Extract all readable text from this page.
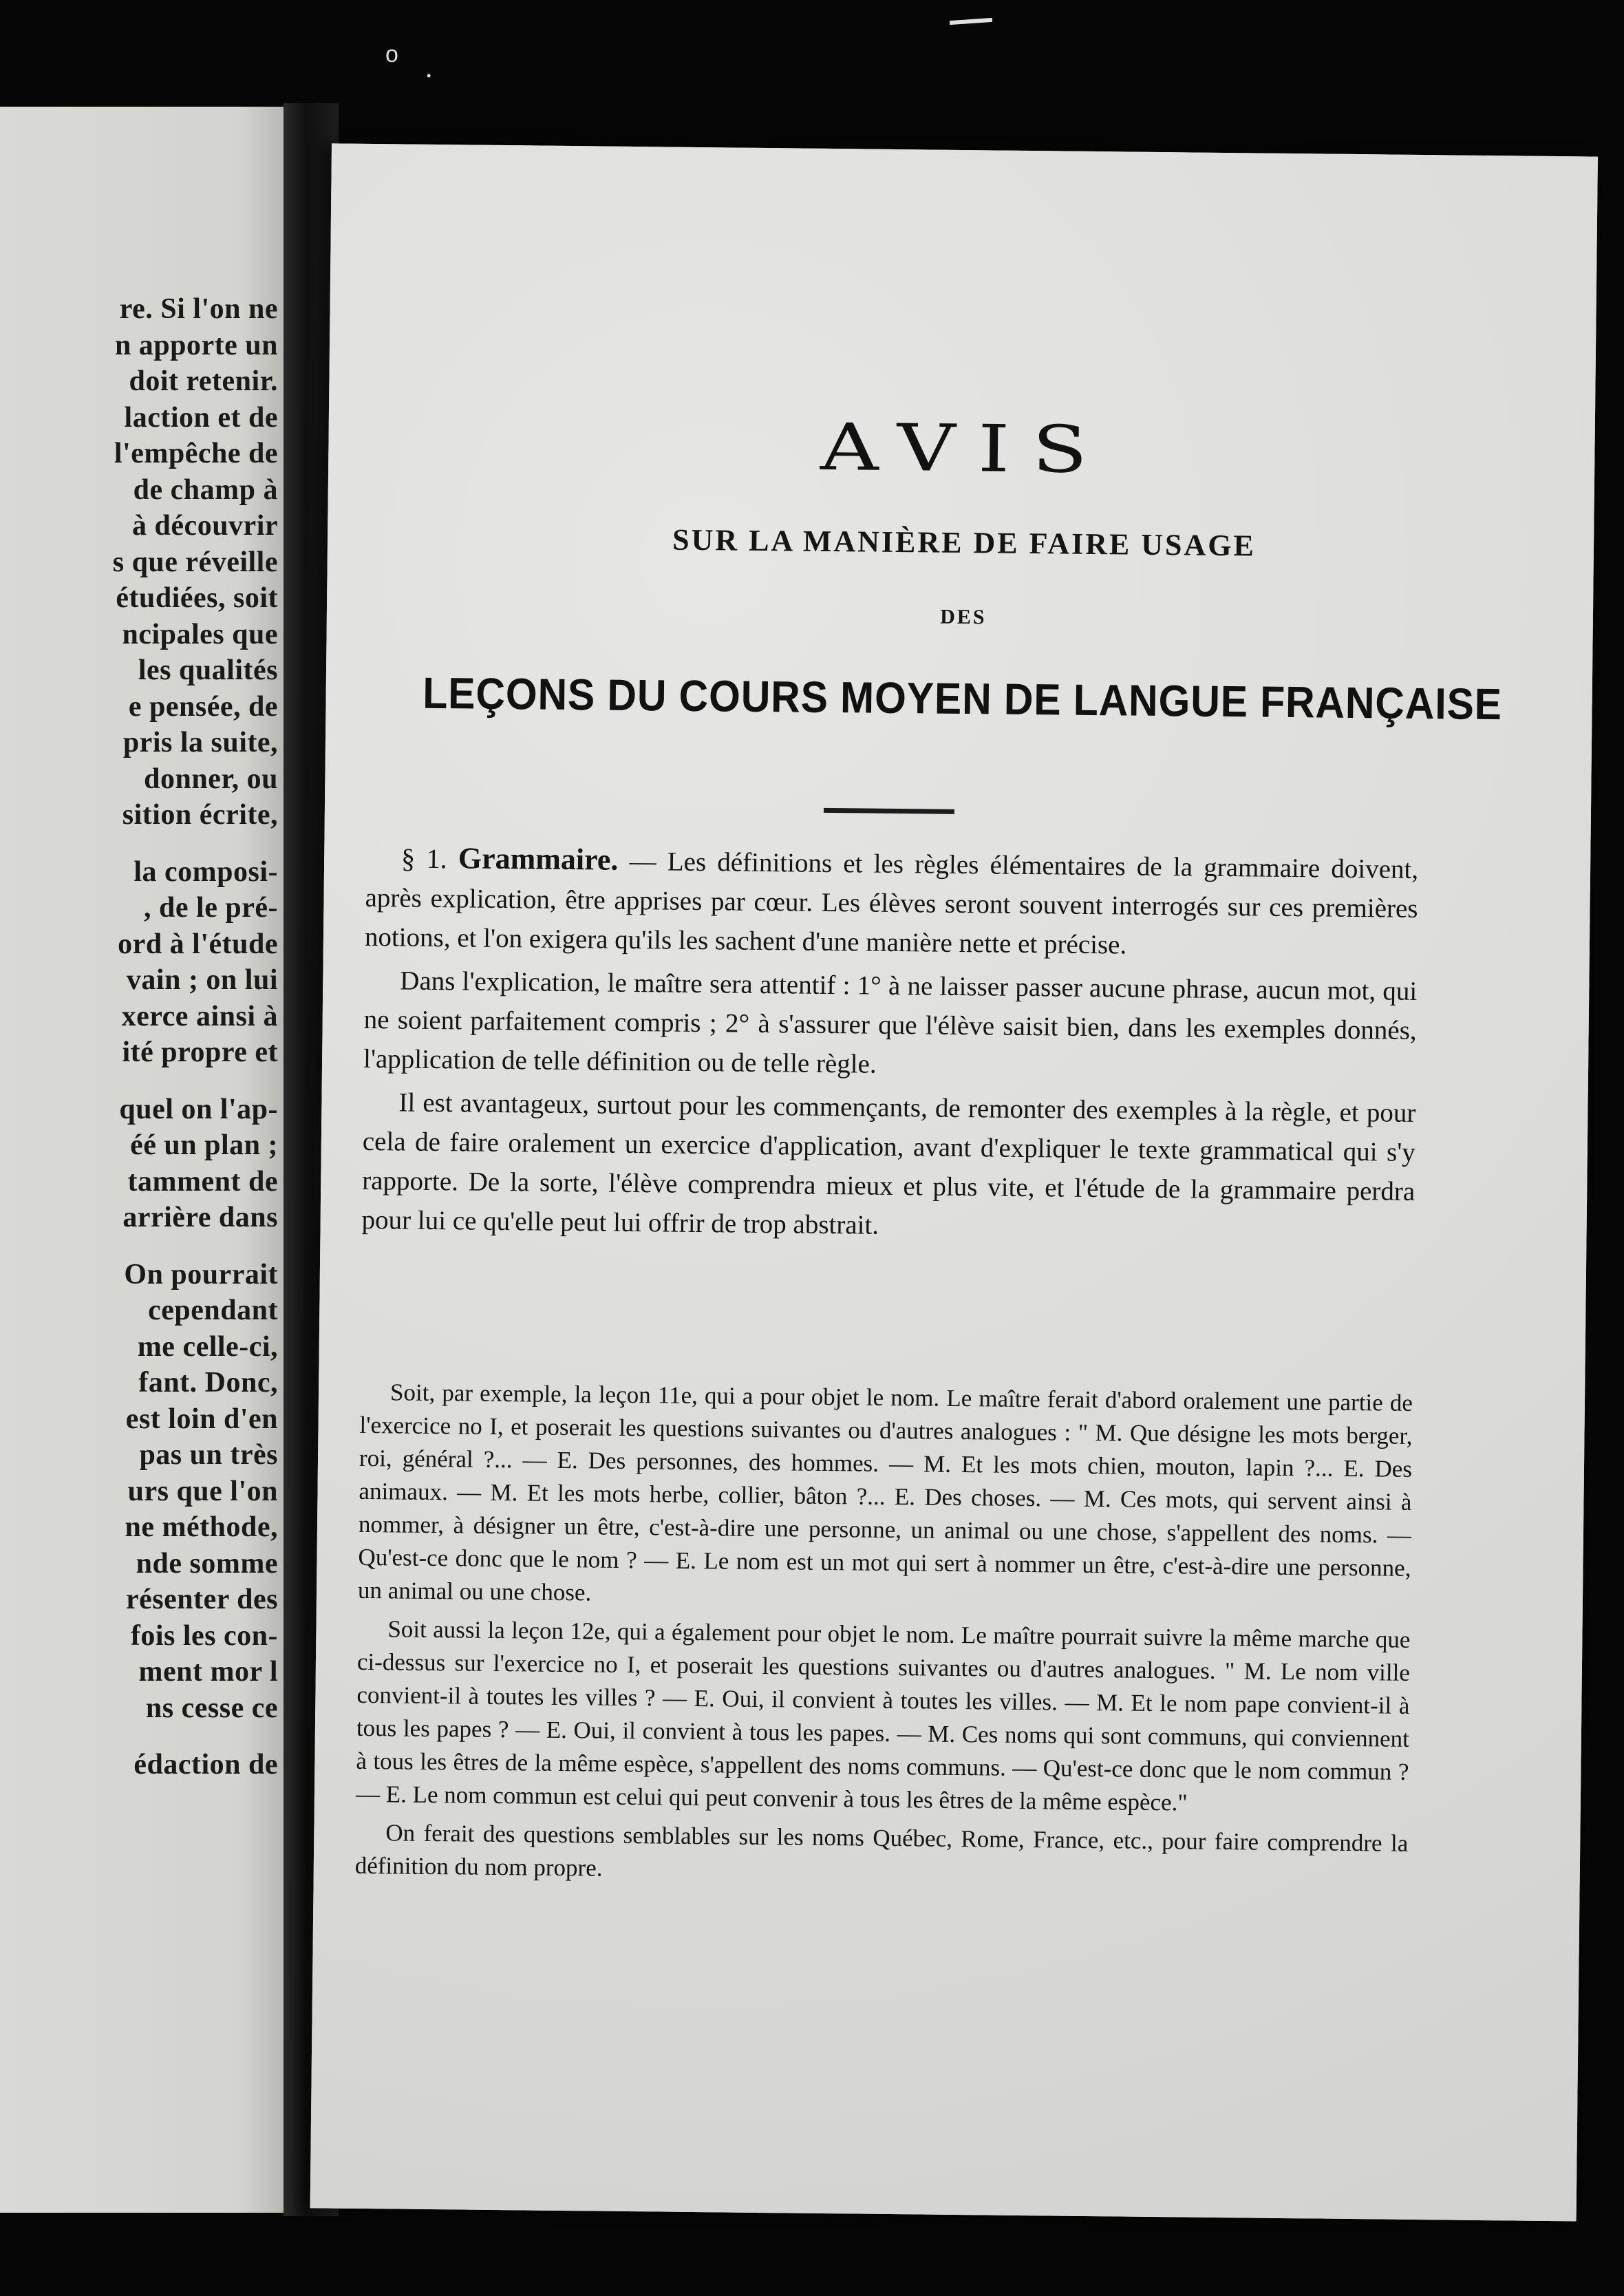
o
•
re. Si l'on ne
n apporte un
doit retenir.
laction et de
l'empêche de
de champ à
à découvrir
s que réveille
étudiées, soit
ncipales que
les qualités
e pensée, de
pris la suite,
donner, ou
sition écrite,
la composi-
, de le pré-
ord à l'étude
vain ; on lui
xerce ainsi à
ité propre et
quel on l'ap-
éé un plan ;
tamment de
arrière dans
On pourrait
cependant
me celle-ci,
fant. Donc,
est loin d'en
pas un très
urs que l'on
ne méthode,
nde somme
résenter des
fois les con-
ment mor l
ns cesse ce
édaction de
AVIS
SUR LA MANIÈRE DE FAIRE USAGE
DES
LEÇONS DU COURS MOYEN DE LANGUE FRANÇAISE

§ 1. Grammaire. — Les définitions et les règles élémentaires de la grammaire doivent, après explication, être apprises par cœur. Les élèves seront souvent interrogés sur ces premières notions, et l'on exigera qu'ils les sachent d'une manière nette et précise.

Dans l'explication, le maître sera attentif : 1° à ne laisser passer aucune phrase, aucun mot, qui ne soient parfaitement compris ; 2° à s'assurer que l'élève saisit bien, dans les exemples donnés, l'application de telle définition ou de telle règle.

Il est avantageux, surtout pour les commençants, de remonter des exemples à la règle, et pour cela de faire oralement un exercice d'application, avant d'expliquer le texte grammatical qui s'y rapporte. De la sorte, l'élève comprendra mieux et plus vite, et l'étude de la grammaire perdra pour lui ce qu'elle peut lui offrir de trop abstrait.

Soit, par exemple, la leçon 11e, qui a pour objet le nom. Le maître ferait d'abord oralement une partie de l'exercice no I, et poserait les questions suivantes ou d'autres analogues : " M. Que désigne les mots berger, roi, général ?... — E. Des personnes, des hommes. — M. Et les mots chien, mouton, lapin ?... E. Des animaux. — M. Et les mots herbe, collier, bâton ?... E. Des choses. — M. Ces mots, qui servent ainsi à nommer, à désigner un être, c'est-à-dire une personne, un animal ou une chose, s'appellent des noms. — Qu'est-ce donc que le nom ? — E. Le nom est un mot qui sert à nommer un être, c'est-à-dire une personne, un animal ou une chose.

Soit aussi la leçon 12e, qui a également pour objet le nom. Le maître pourrait suivre la même marche que ci-dessus sur l'exercice no I, et poserait les questions suivantes ou d'autres analogues. " M. Le nom ville convient-il à toutes les villes ? — E. Oui, il convient à toutes les villes. — M. Et le nom pape convient-il à tous les papes ? — E. Oui, il convient à tous les papes. — M. Ces noms qui sont communs, qui conviennent à tous les êtres de la même espèce, s'appellent des noms communs. — Qu'est-ce donc que le nom commun ? — E. Le nom commun est celui qui peut convenir à tous les êtres de la même espèce."

On ferait des questions semblables sur les noms Québec, Rome, France, etc., pour faire comprendre la définition du nom propre.
